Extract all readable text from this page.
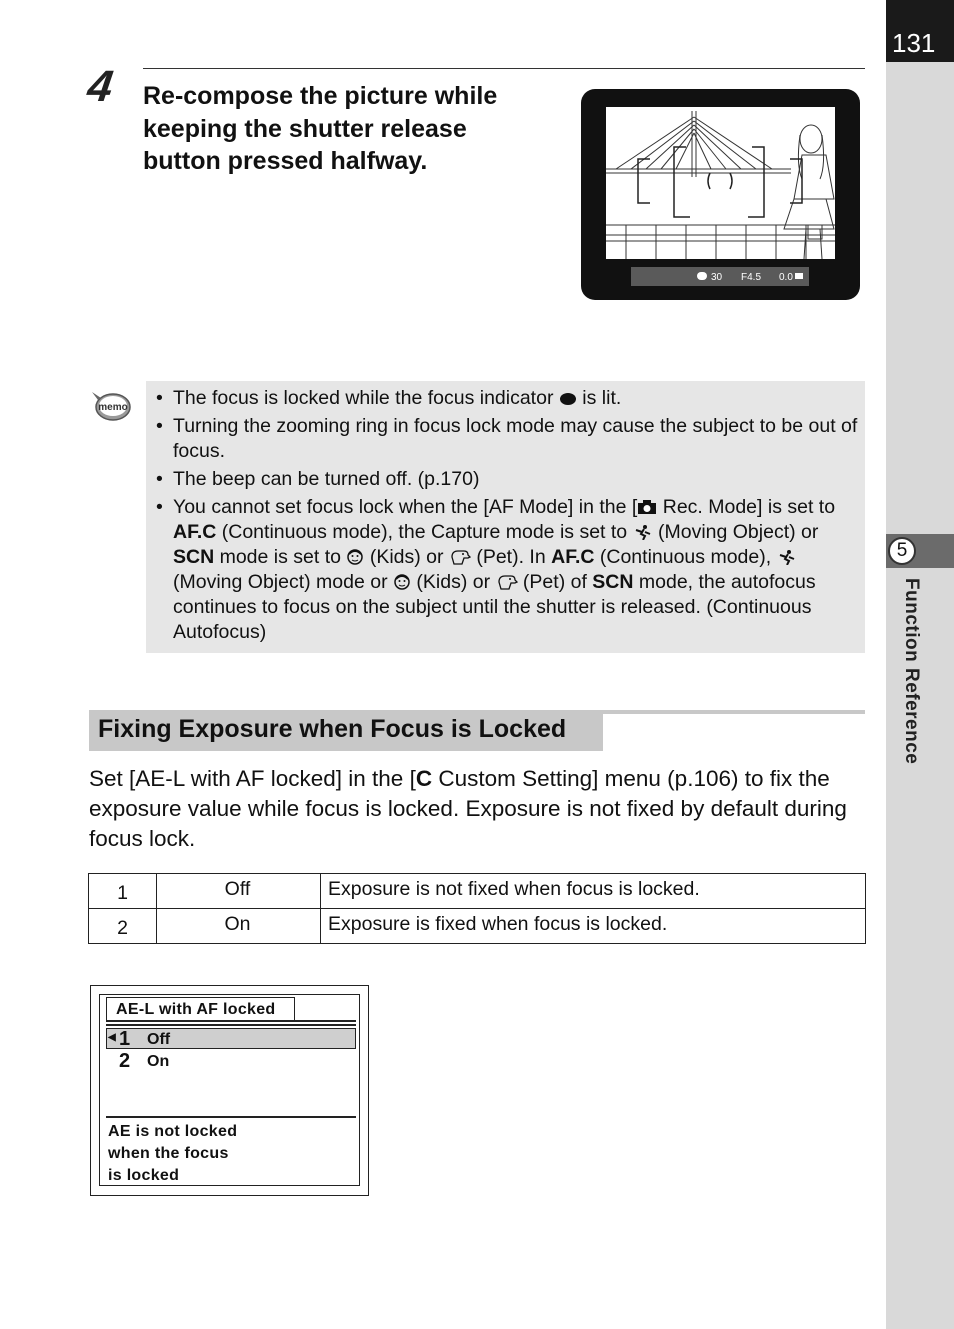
131
5
Function Reference
4 Re-compose the picture while keeping the shutter release button pressed halfway.
30 F4.5 0.0
memo	• The focus is locked while the focus indicator  is lit.
• Turning the zooming ring in focus lock mode may cause the subject to be out of focus.
• The beep can be turned off. (p.170)
• You cannot set focus lock when the [AF Mode] in the [ Rec. Mode] is set to AF.C (Continuous mode), the Capture mode is set to  (Moving Object) or SCN mode is set to  (Kids) or  (Pet). In AF.C (Continuous mode),  (Moving Object) mode or  (Kids) or  (Pet) of SCN mode, the autofocus continues to focus on the subject until the shutter is released. (Continuous Autofocus)
Fixing Exposure when Focus is Locked
Set [AE-L with AF locked] in the [C Custom Setting] menu (p.106) to fix the exposure value while focus is locked. Exposure is not fixed by default during focus lock.
1	Off	Exposure is not fixed when focus is locked.
2	On	Exposure is fixed when focus is locked.
AE-L with AF locked
◀ 1 Off
2 On
AE is not locked
when the focus
is locked
